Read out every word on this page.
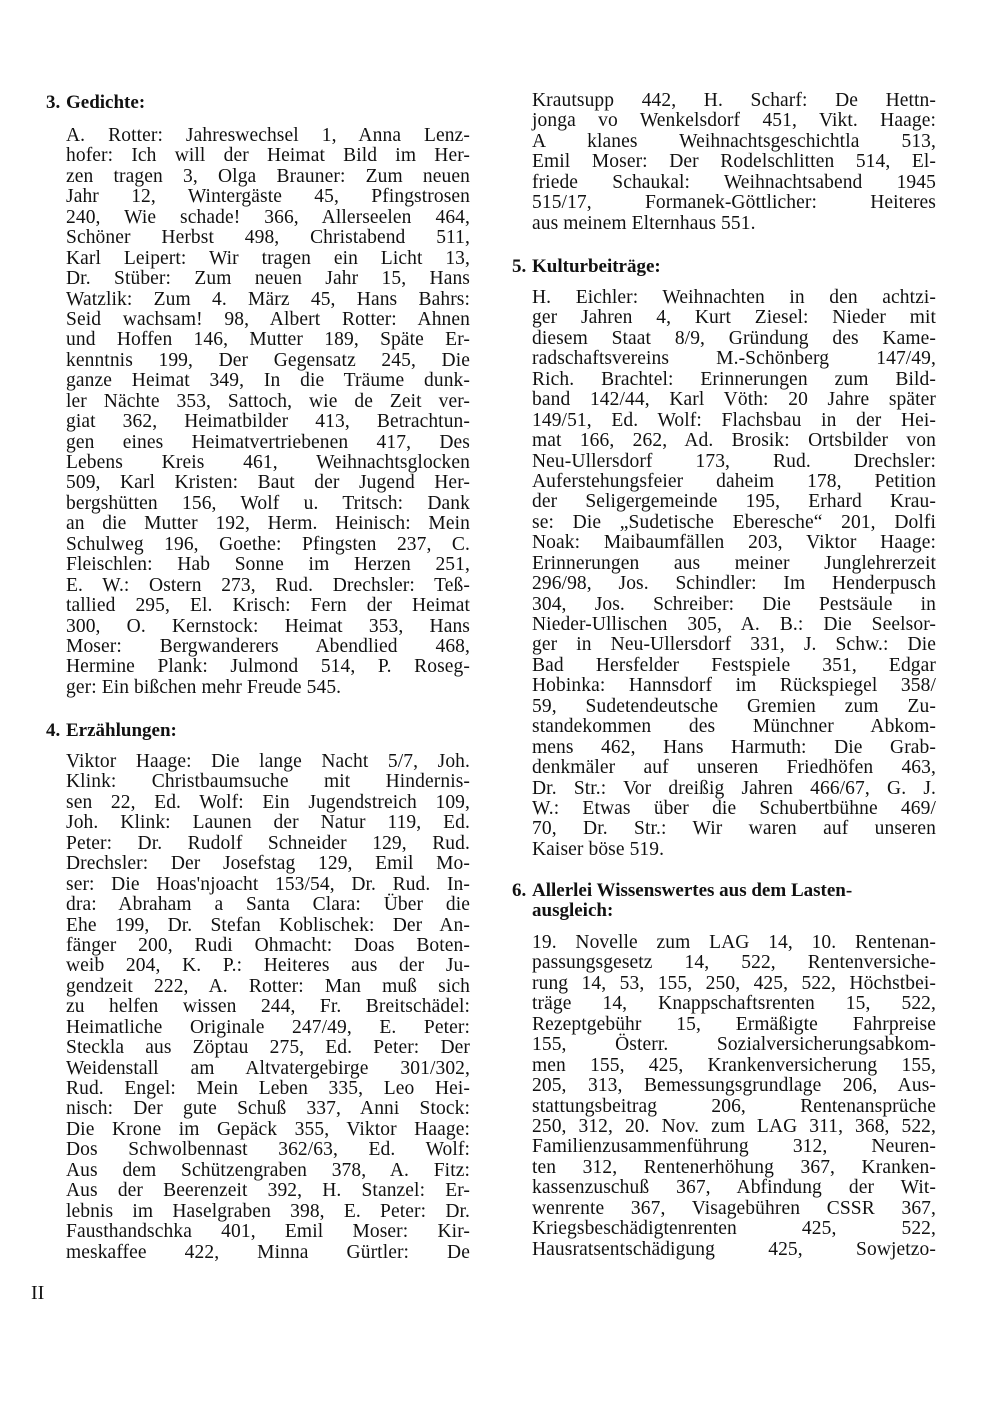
II
3. Gedichte:
A. Rotter: Jahreswechsel 1, Anna Lenz-
hofer: Ich will der Heimat Bild im Her-
zen tragen 3, Olga Brauner: Zum neuen
Jahr 12, Wintergäste 45, Pfingstrosen
240, Wie schade! 366, Allerseelen 464,
Schöner Herbst 498, Christabend 511,
Karl Leipert: Wir tragen ein Licht 13,
Dr. Stüber: Zum neuen Jahr 15, Hans
Watzlik: Zum 4. März 45, Hans Bahrs:
Seid wachsam! 98, Albert Rotter: Ahnen
und Hoffen 146, Mutter 189, Späte Er-
kenntnis 199, Der Gegensatz 245, Die
ganze Heimat 349, In die Träume dunk-
ler Nächte 353, Sattoch, wie de Zeit ver-
giat 362, Heimatbilder 413, Betrachtun-
gen eines Heimatvertriebenen 417, Des
Lebens Kreis 461, Weihnachtsglocken
509, Karl Kristen: Baut der Jugend Her-
bergshütten 156, Wolf u. Tritsch: Dank
an die Mutter 192, Herm. Heinisch: Mein
Schulweg 196, Goethe: Pfingsten 237, C.
Fleischlen: Hab Sonne im Herzen 251,
E. W.: Ostern 273, Rud. Drechsler: Teß-
tallied 295, El. Krisch: Fern der Heimat
300, O. Kernstock: Heimat 353, Hans
Moser: Bergwanderers Abendlied 468,
Hermine Plank: Julmond 514, P. Roseg-
ger: Ein bißchen mehr Freude 545.
4. Erzählungen:
Viktor Haage: Die lange Nacht 5/7, Joh.
Klink: Christbaumsuche mit Hindernis-
sen 22, Ed. Wolf: Ein Jugendstreich 109,
Joh. Klink: Launen der Natur 119, Ed.
Peter: Dr. Rudolf Schneider 129, Rud.
Drechsler: Der Josefstag 129, Emil Mo-
ser: Die Hoas'njoacht 153/54, Dr. Rud. In-
dra: Abraham a Santa Clara: Über die
Ehe 199, Dr. Stefan Koblischek: Der An-
fänger 200, Rudi Ohmacht: Doas Boten-
weib 204, K. P.: Heiteres aus der Ju-
gendzeit 222, A. Rotter: Man muß sich
zu helfen wissen 244, Fr. Breitschädel:
Heimatliche Originale 247/49, E. Peter:
Steckla aus Zöptau 275, Ed. Peter: Der
Weidenstall am Altvatergebirge 301/302,
Rud. Engel: Mein Leben 335, Leo Hei-
nisch: Der gute Schuß 337, Anni Stock:
Die Krone im Gepäck 355, Viktor Haage:
Dos Schwolbennast 362/63, Ed. Wolf:
Aus dem Schützengraben 378, A. Fitz:
Aus der Beerenzeit 392, H. Stanzel: Er-
lebnis im Haselgraben 398, E. Peter: Dr.
Fausthandschka 401, Emil Moser: Kir-
meskaffee 422, Minna Gürtler: De
Krautsupp 442, H. Scharf: De Hettn-
jonga vo Wenkelsdorf 451, Vikt. Haage:
A klanes Weihnachtsgeschichtla 513,
Emil Moser: Der Rodelschlitten 514, El-
friede Schaukal: Weihnachtsabend 1945
515/17, Formanek-Göttlicher: Heiteres
aus meinem Elternhaus 551.
5. Kulturbeiträge:
H. Eichler: Weihnachten in den achtzi-
ger Jahren 4, Kurt Ziesel: Nieder mit
diesem Staat 8/9, Gründung des Kame-
radschaftsvereins M.-Schönberg 147/49,
Rich. Brachtel: Erinnerungen zum Bild-
band 142/44, Karl Vöth: 20 Jahre später
149/51, Ed. Wolf: Flachsbau in der Hei-
mat 166, 262, Ad. Brosik: Ortsbilder von
Neu-Ullersdorf 173, Rud. Drechsler:
Auferstehungsfeier daheim 178, Petition
der Seligergemeinde 195, Erhard Krau-
se: Die „Sudetische Eberesche“ 201, Dolfi
Noak: Maibaumfällen 203, Viktor Haage:
Erinnerungen aus meiner Junglehrerzeit
296/98, Jos. Schindler: Im Henderpusch
304, Jos. Schreiber: Die Pestsäule in
Nieder-Ullischen 305, A. B.: Die Seelsor-
ger in Neu-Ullersdorf 331, J. Schw.: Die
Bad Hersfelder Festspiele 351, Edgar
Hobinka: Hannsdorf im Rückspiegel 358/
59, Sudetendeutsche Gremien zum Zu-
standekommen des Münchner Abkom-
mens 462, Hans Harmuth: Die Grab-
denkmäler auf unseren Friedhöfen 463,
Dr. Str.: Vor dreißig Jahren 466/67, G. J.
W.: Etwas über die Schubertbühne 469/
70, Dr. Str.: Wir waren auf unseren
Kaiser böse 519.
6. Allerlei Wissenswertes aus dem Lasten-
ausgleich:
19. Novelle zum LAG 14, 10. Rentenan-
passungsgesetz 14, 522, Rentenversiche-
rung 14, 53, 155, 250, 425, 522, Höchstbei-
träge 14, Knappschaftsrenten 15, 522,
Rezeptgebühr 15, Ermäßigte Fahrpreise
155, Österr. Sozialversicherungsabkom-
men 155, 425, Krankenversicherung 155,
205, 313, Bemessungsgrundlage 206, Aus-
stattungsbeitrag 206, Rentenansprüche
250, 312, 20. Nov. zum LAG 311, 368, 522,
Familienzusammenführung 312, Neuren-
ten 312, Rentenerhöhung 367, Kranken-
kassenzuschuß 367, Abfindung der Wit-
wenrente 367, Visagebühren CSSR 367,
Kriegsbeschädigtenrenten 425, 522,
Hausratsentschädigung 425, Sowjetzo-
